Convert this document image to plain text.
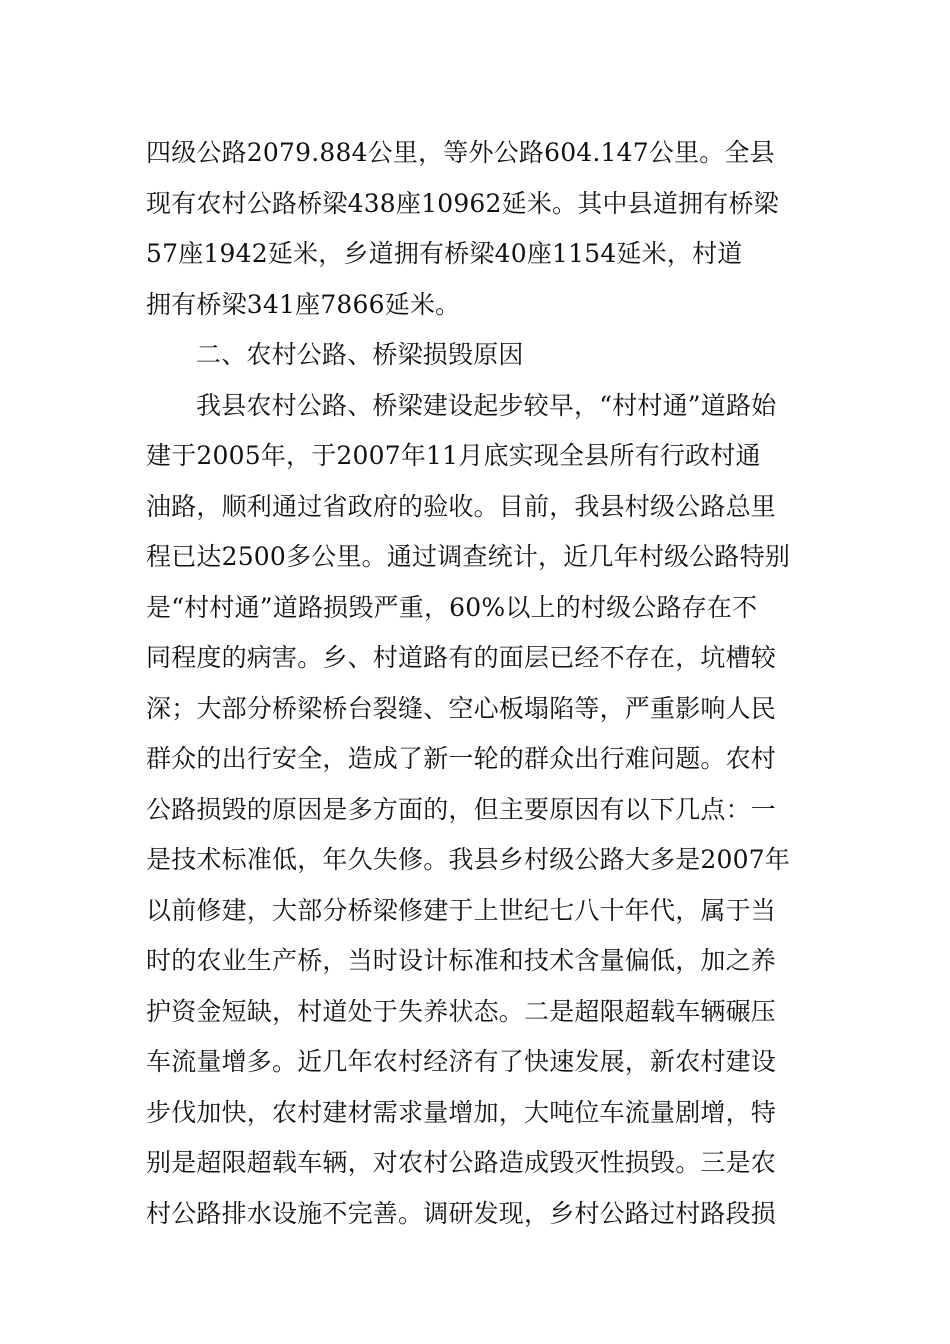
四级公路2079.884公里，等外公路604.147公里。全县
现有农村公路桥梁438座10962延米。其中县道拥有桥梁
57座1942延米，乡道拥有桥梁40座1154延米，村道
拥有桥梁341座7866延米。
二、农村公路、桥梁损毁原因
我县农村公路、桥梁建设起步较早，“村村通”道路始
建于2005年，于2007年11月底实现全县所有行政村通
油路，顺利通过省政府的验收。目前，我县村级公路总里
程已达2500多公里。通过调查统计，近几年村级公路特别
是“村村通”道路损毁严重，60%以上的村级公路存在不
同程度的病害。乡、村道路有的面层已经不存在，坑槽较
深；大部分桥梁桥台裂缝、空心板塌陷等，严重影响人民
群众的出行安全，造成了新一轮的群众出行难问题。农村
公路损毁的原因是多方面的，但主要原因有以下几点：一
是技术标准低，年久失修。我县乡村级公路大多是2007年
以前修建，大部分桥梁修建于上世纪七八十年代，属于当
时的农业生产桥，当时设计标准和技术含量偏低，加之养
护资金短缺，村道处于失养状态。二是超限超载车辆碾压
车流量增多。近几年农村经济有了快速发展，新农村建设
步伐加快，农村建材需求量增加，大吨位车流量剧增，特
别是超限超载车辆，对农村公路造成毁灭性损毁。三是农
村公路排水设施不完善。调研发现，乡村公路过村路段损
